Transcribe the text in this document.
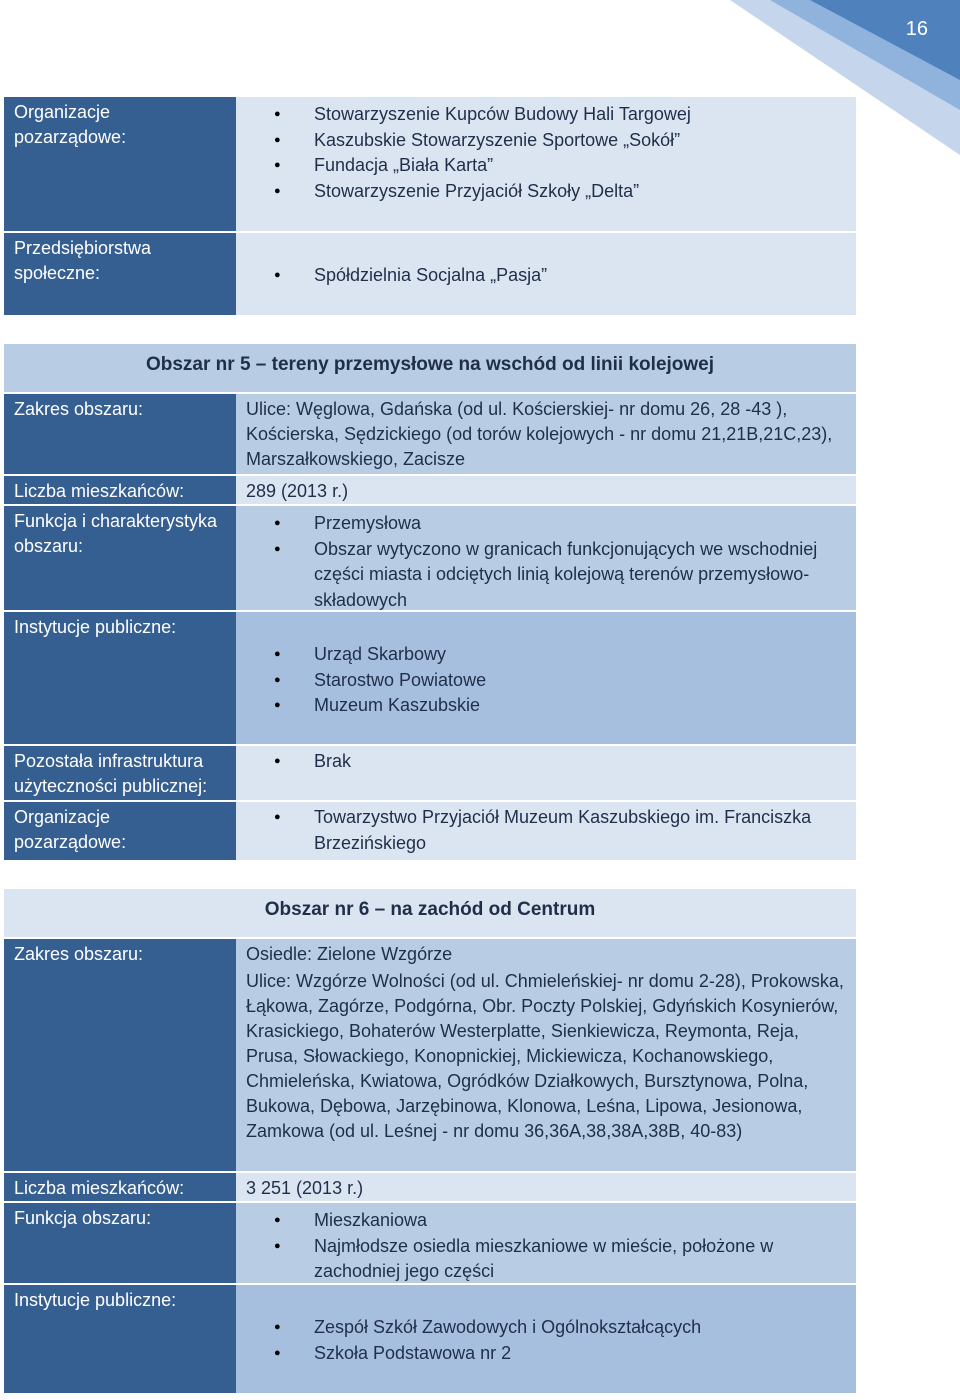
16
Organizacje pozarządowe:
● Stowarzyszenie Kupców Budowy Hali Targowej
● Kaszubskie Stowarzyszenie Sportowe „Sokół”
● Fundacja „Biała Karta”
● Stowarzyszenie Przyjaciół Szkoły „Delta”
Przedsiębiorstwa społeczne:	● Spółdzielnia Socjalna „Pasja”
Obszar nr 5 – tereny przemysłowe na wschód od linii kolejowej
Zakres obszaru:	Ulice: Węglowa, Gdańska (od ul. Kościerskiej- nr domu 26, 28 -43 ), Kościerska, Sędzickiego (od torów kolejowych - nr domu 21,21B,21C,23), Marszałkowskiego, Zacisze
Liczba mieszkańców:	289 (2013 r.)
Funkcja i charakterystyka obszaru:
● Przemysłowa
● Obszar wytyczono w granicach funkcjonujących we wschodniej części miasta i odciętych linią kolejową terenów przemysłowo-składowych
Instytucje publiczne:
● Urząd Skarbowy
● Starostwo Powiatowe
● Muzeum Kaszubskie
Pozostała infrastruktura użyteczności publicznej:
● Brak
Organizacje pozarządowe:
● Towarzystwo Przyjaciół Muzeum Kaszubskiego im. Franciszka Brzezińskiego
Obszar nr 6 – na zachód od Centrum
Zakres obszaru:	Osiedle: Zielone Wzgórze
Ulice: Wzgórze Wolności (od ul. Chmieleńskiej- nr domu 2-28), Prokowska, Łąkowa, Zagórze, Podgórna, Obr. Poczty Polskiej, Gdyńskich Kosynierów, Krasickiego, Bohaterów Westerplatte, Sienkiewicza, Reymonta, Reja, Prusa, Słowackiego, Konopnickiej, Mickiewicza, Kochanowskiego, Chmieleńska, Kwiatowa, Ogródków Działkowych, Bursztynowa, Polna, Bukowa, Dębowa, Jarzębinowa, Klonowa, Leśna, Lipowa, Jesionowa, Zamkowa (od ul. Leśnej - nr domu 36,36A,38,38A,38B, 40-83)
Liczba mieszkańców:	3 251 (2013 r.)
Funkcja obszaru:	● Mieszkaniowa
● Najmłodsze osiedla mieszkaniowe w mieście, położone w zachodniej jego części
Instytucje publiczne:
● Zespół Szkół Zawodowych i Ogólnokształcących
● Szkoła Podstawowa nr 2
